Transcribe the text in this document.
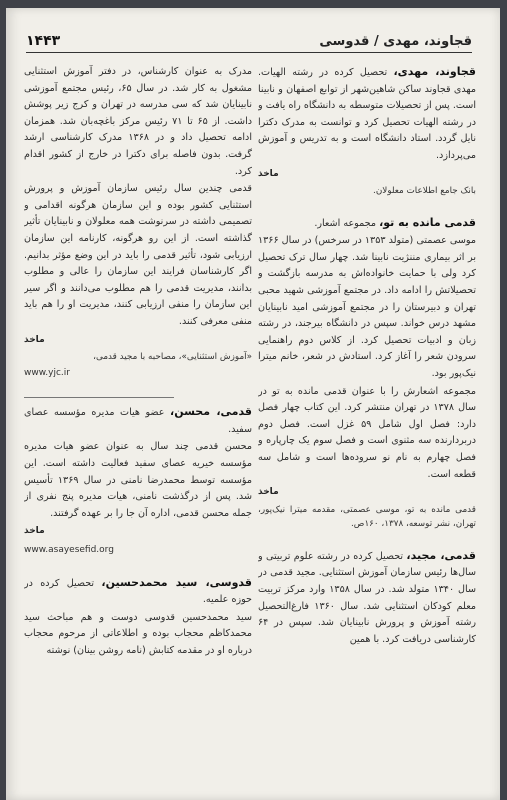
قجاوند، مهدی / قدوسی
۱۴۴۳

قجاوند، مهدی، تحصیل کرده در رشته الهیات. مهدی قجاوند ساکن شاهین‌شهر از توابع اصفهان و نابینا است. پس از تحصیلات متوسطه به دانشگاه راه یافت و در رشته الهیات تحصیل کرد و توانست به مدرک دکترا نایل گردد. استاد دانشگاه است و به تدریس و آموزش می‌پردازد.

ماخذ
بانک جامع اطلاعات معلولان.

قدمی مانده به تو، مجموعه اشعار.

موسی عصمتی (متولد ۱۳۵۳ در سرخس) در سال ۱۳۶۶ بر اثر بیماری مننژیت نابینا شد. چهار سال ترک تحصیل کرد ولی با حمایت خانواده‌اش به مدرسه بازگشت و تحصیلاتش را ادامه داد. در مجتمع آموزشی شهید محبی تهران و دبیرستان را در مجتمع آموزشی امید نابینایان مشهد درس خواند. سپس در دانشگاه بیرجند، در رشته زبان و ادبیات تحصیل کرد. از کلاس دوم راهنمایی سرودن شعر را آغاز کرد. استادش در شعر، خانم میترا نیک‌پور بود.

مجموعه اشعارش را با عنوان قدمی مانده به تو در سال ۱۳۷۸ در تهران منتشر کرد. این کتاب چهار فصل دارد: فصل اول شامل ۵۹ غزل است. فصل دوم دربردارنده سه مثنوی است و فصل سوم یک چارپاره و فصل چهارم به نام نو سروده‌ها است و شامل سه قطعه است.

ماخذ
قدمی مانده به تو، موسی عصمتی، مقدمه میترا نیک‌پور، تهران، نشر توسعه، ۱۳۷۸، ۱۶۰ص.

قدمی، مجید، تحصیل کرده در رشته علوم تربیتی و سال‌ها رئیس سازمان آموزش استثنایی. مجید قدمی در سال ۱۳۴۰ متولد شد. در سال ۱۳۵۸ وارد مرکز تربیت معلم کودکان استثنایی شد. سال ۱۳۶۰ فارغ‌التحصیل رشته آموزش و پرورش نابینایان شد. سپس در ۶۴ کارشناسی دریافت کرد. با همین

مدرک به عنوان کارشناس، در دفتر آموزش استثنایی مشغول به کار شد. در سال ۶۵، رئیس مجتمع آموزشی نابینایان شد که سی مدرسه در تهران و کرج زیر پوشش داشت. از ۶۵ تا ۷۱ رئیس مرکز باغچه‌بان شد. همزمان ادامه تحصیل داد و در ۱۳۶۸ مدرک کارشناسی ارشد گرفت. بدون فاصله برای دکترا در خارج از کشور اقدام کرد.

قدمی چندین سال رئیس سازمان آموزش و پرورش استثنایی کشور بوده و این سازمان هرگونه اقدامی و تصمیمی داشته در سرنوشت همه معلولان و نابینایان تأثیر گذاشته است. از این رو هرگونه، کارنامه این سازمان ارزیابی شود، تأثیر قدمی را باید در این وضع مؤثر بدانیم. اگر کارشناسان فرایند این سازمان را عالی و مطلوب بدانند، مدیریت قدمی را هم مطلوب می‌دانند و اگر سیر این سازمان را منفی ارزیابی کنند، مدیریت او را هم باید منفی معرفی کنند.

ماخذ
«آموزش استثنایی»، مصاحبه با مجید قدمی،
www.yjc.ir

قدمی، محسن، عضو هیات مدیره مؤسسه عصای سفید.

محسن قدمی چند سال به عنوان عضو هیات مدیره مؤسسه خیریه عصای سفید فعالیت داشته است. این مؤسسه توسط محمدرضا نامنی در سال ۱۳۶۹ تأسیس شد. پس از درگذشت نامنی، هیات مدیره پنج نفری از جمله محسن قدمی، اداره آن جا را بر عهده گرفتند.

ماخذ
www.asayesefid.org

قدوسی، سید محمدحسین، تحصیل کرده در حوزه علمیه.

سید محمدحسین قدوسی دوست و هم مباحث سید محمدکاظم محجاب بوده و اطلاعاتی از مرحوم محجاب درباره او در مقدمه کتابش (نامه روشن بینان) نوشته
